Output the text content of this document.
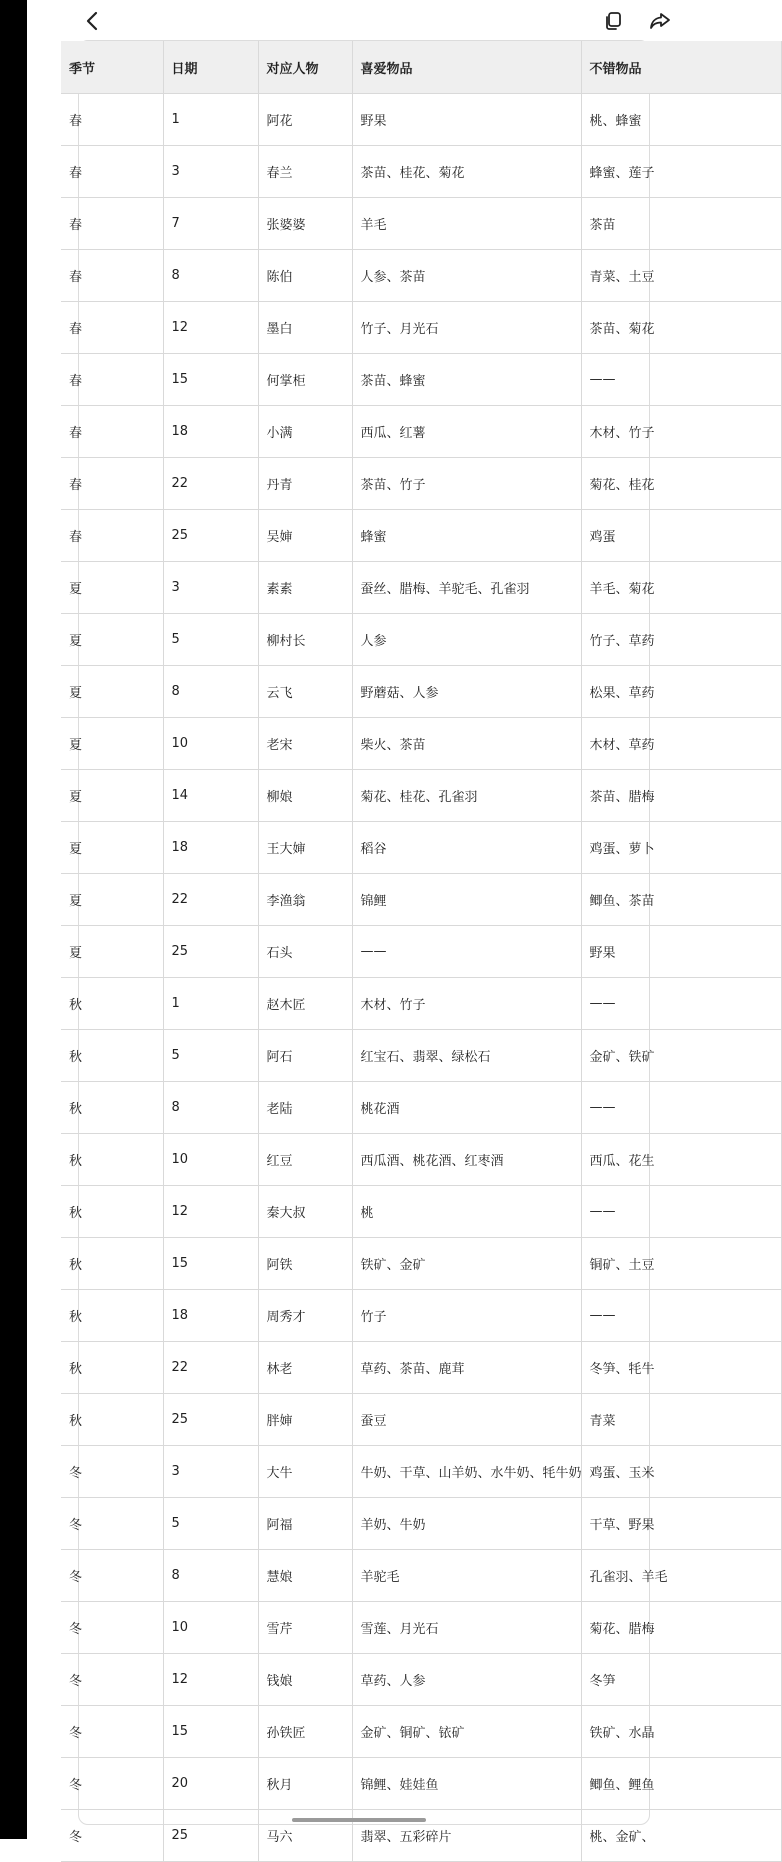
季节	日期	对应人物	喜爱物品	不错物品
春	1	阿花	野果	桃、蜂蜜
春	3	春兰	茶苗、桂花、菊花	蜂蜜、莲子
春	7	张婆婆	羊毛	茶苗
春	8	陈伯	人参、茶苗	青菜、土豆
春	12	墨白	竹子、月光石	茶苗、菊花
春	15	何掌柜	茶苗、蜂蜜	——
春	18	小满	西瓜、红薯	木材、竹子
春	22	丹青	茶苗、竹子	菊花、桂花
春	25	吴婶	蜂蜜	鸡蛋
夏	3	素素	蚕丝、腊梅、羊驼毛、孔雀羽	羊毛、菊花
夏	5	柳村长	人参	竹子、草药
夏	8	云飞	野蘑菇、人参	松果、草药
夏	10	老宋	柴火、茶苗	木材、草药
夏	14	柳娘	菊花、桂花、孔雀羽	茶苗、腊梅
夏	18	王大婶	稻谷	鸡蛋、萝卜
夏	22	李渔翁	锦鲤	鲫鱼、茶苗
夏	25	石头	——	野果
秋	1	赵木匠	木材、竹子	——
秋	5	阿石	红宝石、翡翠、绿松石	金矿、铁矿
秋	8	老陆	桃花酒	——
秋	10	红豆	西瓜酒、桃花酒、红枣酒	西瓜、花生
秋	12	秦大叔	桃	——
秋	15	阿铁	铁矿、金矿	铜矿、土豆
秋	18	周秀才	竹子	——
秋	22	林老	草药、茶苗、鹿茸	冬笋、牦牛
秋	25	胖婶	蚕豆	青菜
冬	3	大牛	牛奶、干草、山羊奶、水牛奶、牦牛奶	鸡蛋、玉米
冬	5	阿福	羊奶、牛奶	干草、野果
冬	8	慧娘	羊驼毛	孔雀羽、羊毛
冬	10	雪芹	雪莲、月光石	菊花、腊梅
冬	12	钱娘	草药、人参	冬笋
冬	15	孙铁匠	金矿、铜矿、铱矿	铁矿、水晶
冬	20	秋月	锦鲤、娃娃鱼	鲫鱼、鲤鱼
冬	25	马六	翡翠、五彩碎片	桃、金矿、
